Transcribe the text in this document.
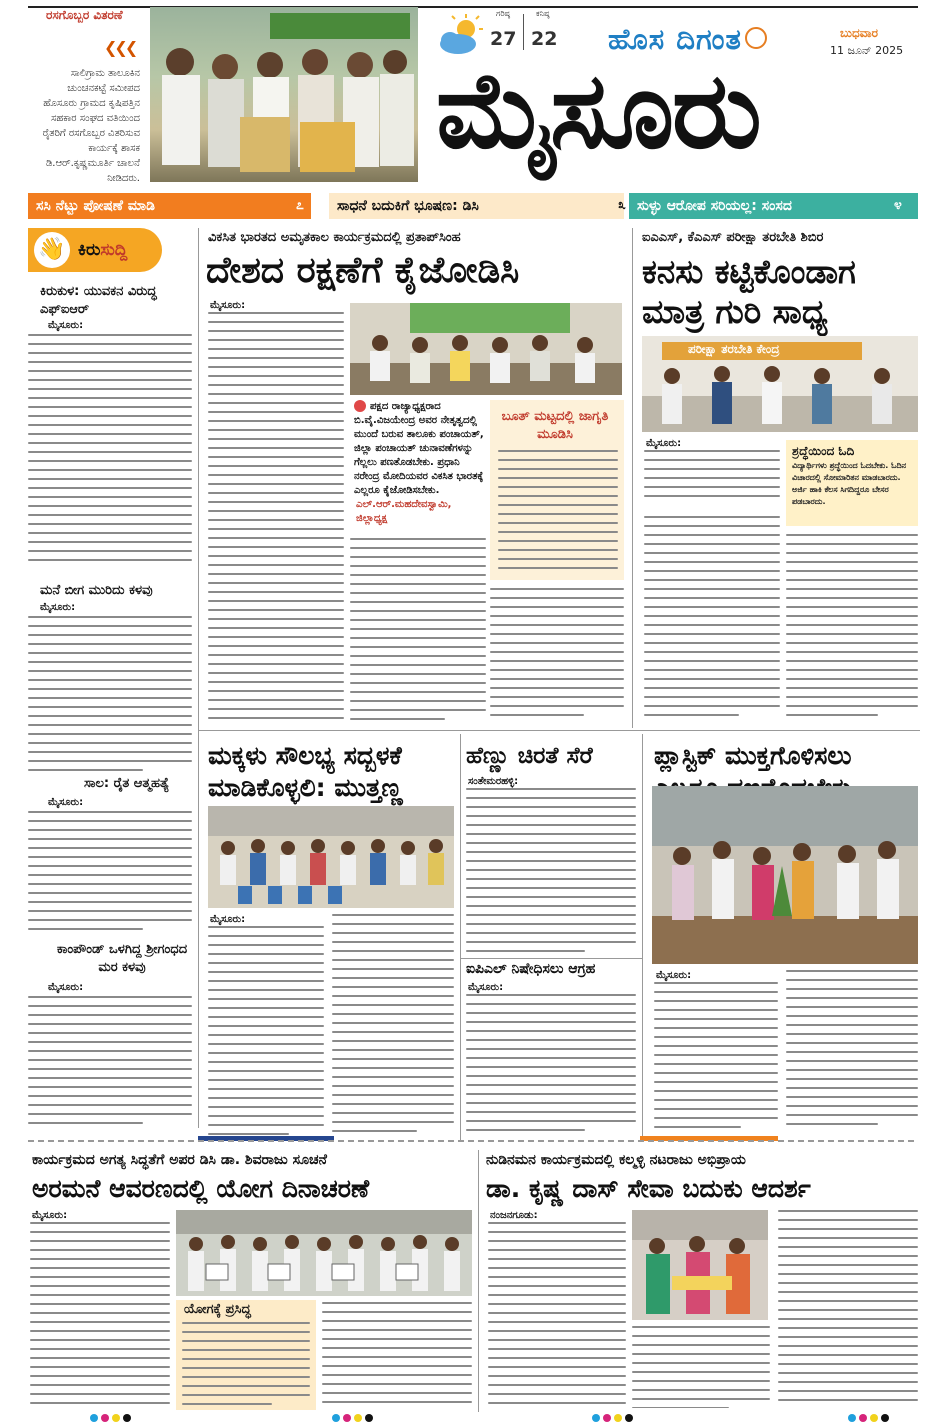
ರಸಗೊಬ್ಬರ ವಿತರಣೆ
❮❮❮
ಸಾಲಿಗ್ರಾಮ ತಾಲೂಕಿನ ಚುಂಚನಕಟ್ಟೆ ಸಮೀಪದ ಹೊಸೂರು ಗ್ರಾಮದ ಕೃಷಿಪತ್ತಿನ ಸಹಕಾರ ಸಂಘದ ವತಿಯಿಂದ ರೈತರಿಗೆ ರಸಗೊಬ್ಬರ ವಿತರಿಸುವ ಕಾರ್ಯಕ್ಕೆ ಶಾಸಕ ಡಿ.ಆರ್.ಕೃಷ್ಣಮೂರ್ತಿ ಚಾಲನೆ ನೀಡಿದರು.
ಗರಿಷ್ಠ
27
ಕನಿಷ್ಠ
22 ಹೊಸ ದಿಗಂತ
ಮೈಸೂರು
ಬುಧವಾರ
11 ಜೂನ್ 2025
ಸಸಿ ನೆಟ್ಟು ಪೋಷಣೆ ಮಾಡಿ	೭ ಸಾಧನೆ ಬದುಕಿಗೆ ಭೂಷಣ: ಡಿಸಿ	೩ ಸುಳ್ಳು ಆರೋಪ ಸರಿಯಲ್ಲ: ಸಂಸದ	೪
👋 ಕಿರುಸುದ್ದಿ
ಕಿರುಕುಳ: ಯುವಕನ ವಿರುದ್ಧ ಎಫ್‌ಐಆರ್
ಮೈಸೂರು:
ಮನೆ ಬೀಗ ಮುರಿದು ಕಳವು
ಮೈಸೂರು:
ಸಾಲ: ರೈತ ಆತ್ಮಹತ್ಯೆ
ಮೈಸೂರು:
ಕಾಂಪೌಂಡ್ ಒಳಗಿದ್ದ ಶ್ರೀಗಂಧದ ಮರ ಕಳವು
ಮೈಸೂರು:
ವಿಕಸಿತ ಭಾರತದ ಅಮೃತಕಾಲ ಕಾರ್ಯಕ್ರಮದಲ್ಲಿ ಪ್ರತಾಪ್‌ಸಿಂಹ
ದೇಶದ ರಕ್ಷಣೆಗೆ ಕೈಜೋಡಿಸಿ
ಮೈಸೂರು:
ಪಕ್ಷದ ರಾಜ್ಯಾಧ್ಯಕ್ಷರಾದ ಬಿ.ವೈ.ವಿಜಯೇಂದ್ರ ಅವರ ನೇತೃತ್ವದಲ್ಲಿ ಮುಂದೆ ಬರುವ ತಾಲೂಕು ಪಂಚಾಯತ್, ಜಿಲ್ಲಾ ಪಂಚಾಯತ್ ಚುನಾವಣೆಗಳನ್ನು ಗೆಲ್ಲಲು ಪಣತೊಡಬೇಕು. ಪ್ರಧಾನಿ ನರೇಂದ್ರ ಮೋದಿಯವರ ವಿಕಸಿತ ಭಾರತಕ್ಕೆ ಎಲ್ಲರೂ ಕೈಜೋಡಿಸಬೇಕು.
ಎಲ್.ಆರ್.ಮಹದೇವಸ್ವಾಮಿ, ಜಿಲ್ಲಾಧ್ಯಕ್ಷ
ಬೂತ್ ಮಟ್ಟದಲ್ಲಿ ಜಾಗೃತಿ ಮೂಡಿಸಿ
ಐಎಎಸ್, ಕೆಎಎಸ್ ಪರೀಕ್ಷಾ ತರಬೇತಿ ಶಿಬಿರ
ಕನಸು ಕಟ್ಟಿಕೊಂಡಾಗ ಮಾತ್ರ ಗುರಿ ಸಾಧ್ಯ
ಪರೀಕ್ಷಾ ತರಬೇತಿ ಕೇಂದ್ರ
ಮೈಸೂರು:
ಶ್ರದ್ಧೆಯಿಂದ ಓದಿ
ವಿದ್ಯಾರ್ಥಿಗಳು ಶ್ರದ್ಧೆಯಿಂದ ಓದಬೇಕು. ಓದಿನ ವಿಚಾರದಲ್ಲಿ ಸೋಮಾರಿತನ ಮಾಡಬಾರದು. ಅರ್ಜಿ ಹಾಕಿ ಕೆಲಸ ಸಿಗದಿದ್ದರೂ ಬೇಸರ ಪಡಬಾರದು.
ಮಕ್ಕಳು ಸೌಲಭ್ಯ ಸದ್ಬಳಕೆ ಮಾಡಿಕೊಳ್ಳಲಿ: ಮುತ್ತಣ್ಣ
ಮೈಸೂರು:
ಹೆಣ್ಣು ಚಿರತೆ ಸೆರೆ
ಸಂತೇಮರಹಳ್ಳಿ:
ಐಪಿಎಲ್ ನಿಷೇಧಿಸಲು ಆಗ್ರಹ
ಮೈಸೂರು:
ಪ್ಲಾಸ್ಟಿಕ್ ಮುಕ್ತಗೊಳಿಸಲು
ಮೈಸೂರು:
ಕಾರ್ಯಕ್ರಮದ ಅಗತ್ಯ ಸಿದ್ಧತೆಗೆ ಅಪರ ಡಿಸಿ ಡಾ. ಶಿವರಾಜು ಸೂಚನೆ
ಅರಮನೆ ಆವರಣದಲ್ಲಿ ಯೋಗ ದಿನಾಚರಣೆ
ಮೈಸೂರು:
ಯೋಗಕ್ಕೆ ಪ್ರಸಿದ್ಧ
ನುಡಿನಮನ ಕಾರ್ಯಕ್ರಮದಲ್ಲಿ ಕಲ್ಮಳ್ಳಿ ನಟರಾಜು ಅಭಿಪ್ರಾಯ
ಡಾ. ಕೃಷ್ಣ ದಾಸ್ ಸೇವಾ ಬದುಕು ಆದರ್ಶ
ನಂಜನಗೂಡು:
